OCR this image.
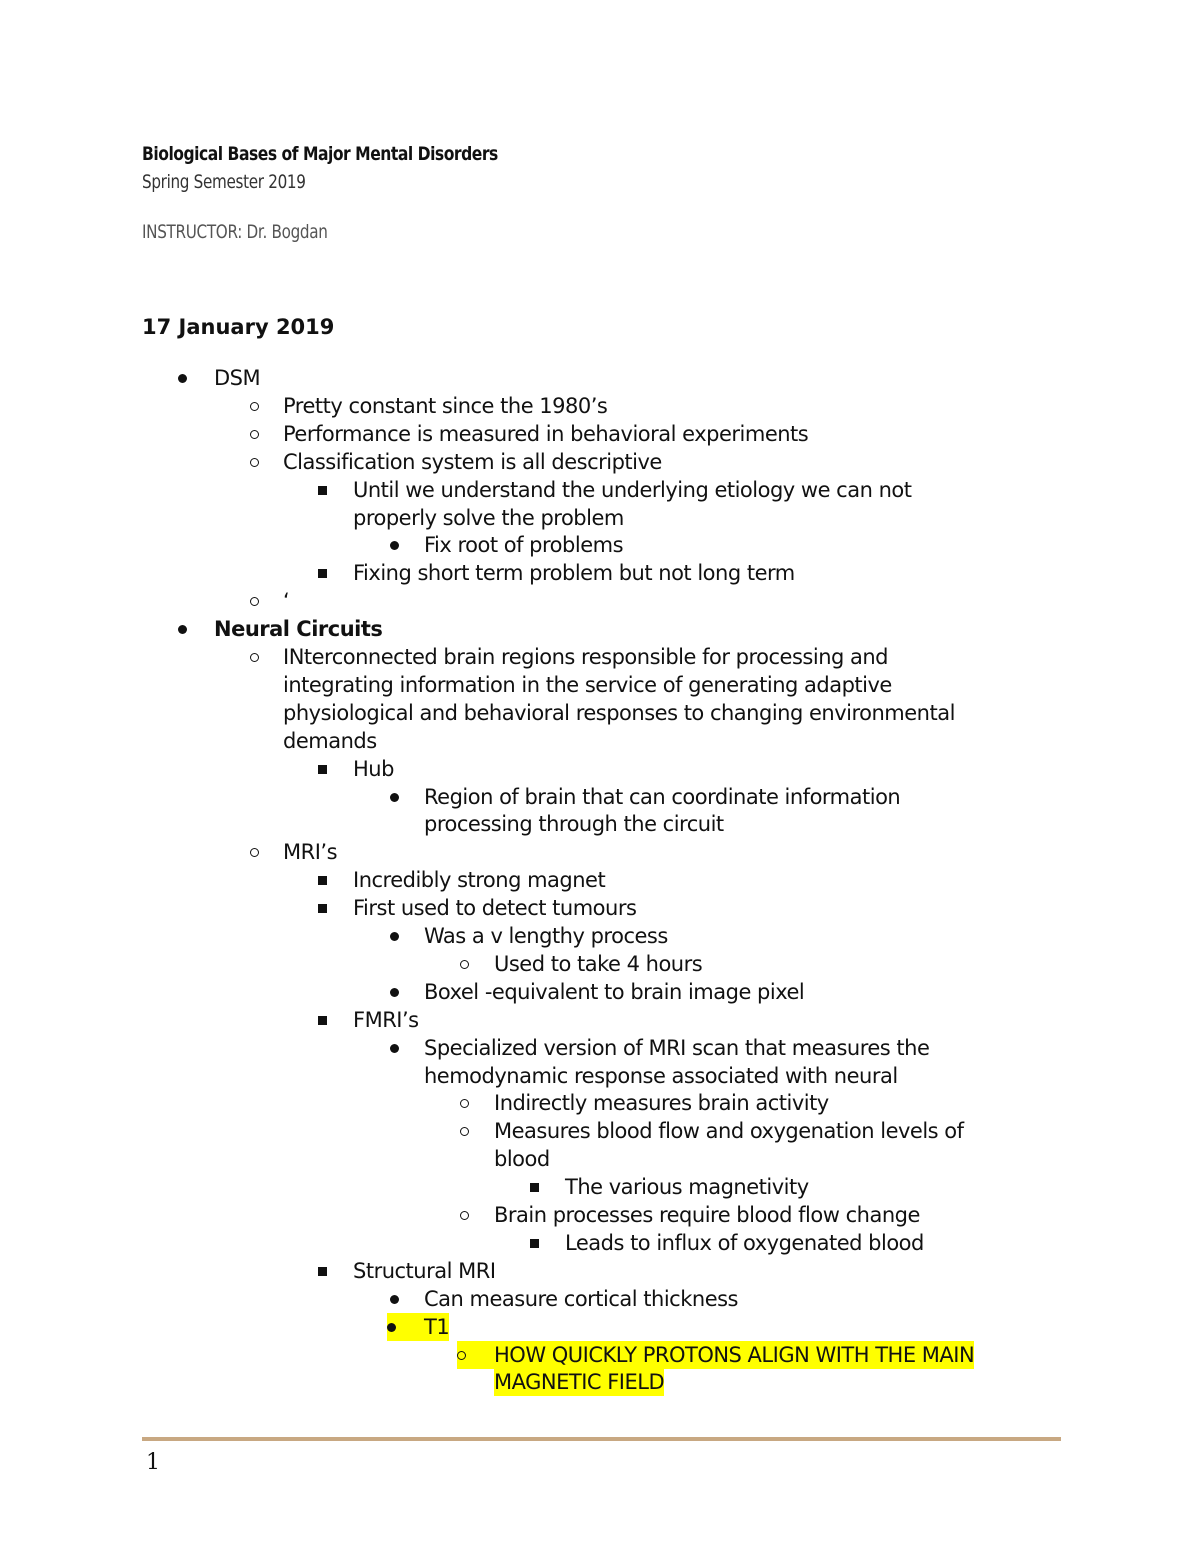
Biological Bases of Major Mental Disorders
Spring Semester 2019
INSTRUCTOR: Dr. Bogdan
17 January 2019
DSM
Pretty constant since the 1980’s
Performance is measured in behavioral experiments
Classification system is all descriptive
Until we understand the underlying etiology we can not
properly solve the problem
Fix root of problems
Fixing short term problem but not long term
‘
Neural Circuits
INterconnected brain regions responsible for processing and
integrating information in the service of generating adaptive
physiological and behavioral responses to changing environmental
demands
Hub
Region of brain that can coordinate information
processing through the circuit
MRI’s
Incredibly strong magnet
First used to detect tumours
Was a v lengthy process
Used to take 4 hours
Boxel -equivalent to brain image pixel
FMRI’s
Specialized version of MRI scan that measures the
hemodynamic response associated with neural
Indirectly measures brain activity
Measures blood flow and oxygenation levels of
blood
The various magnetivity
Brain processes require blood flow change
Leads to influx of oxygenated blood
Structural MRI
Can measure cortical thickness
T1
HOW QUICKLY PROTONS ALIGN WITH THE MAIN
MAGNETIC FIELD
1
